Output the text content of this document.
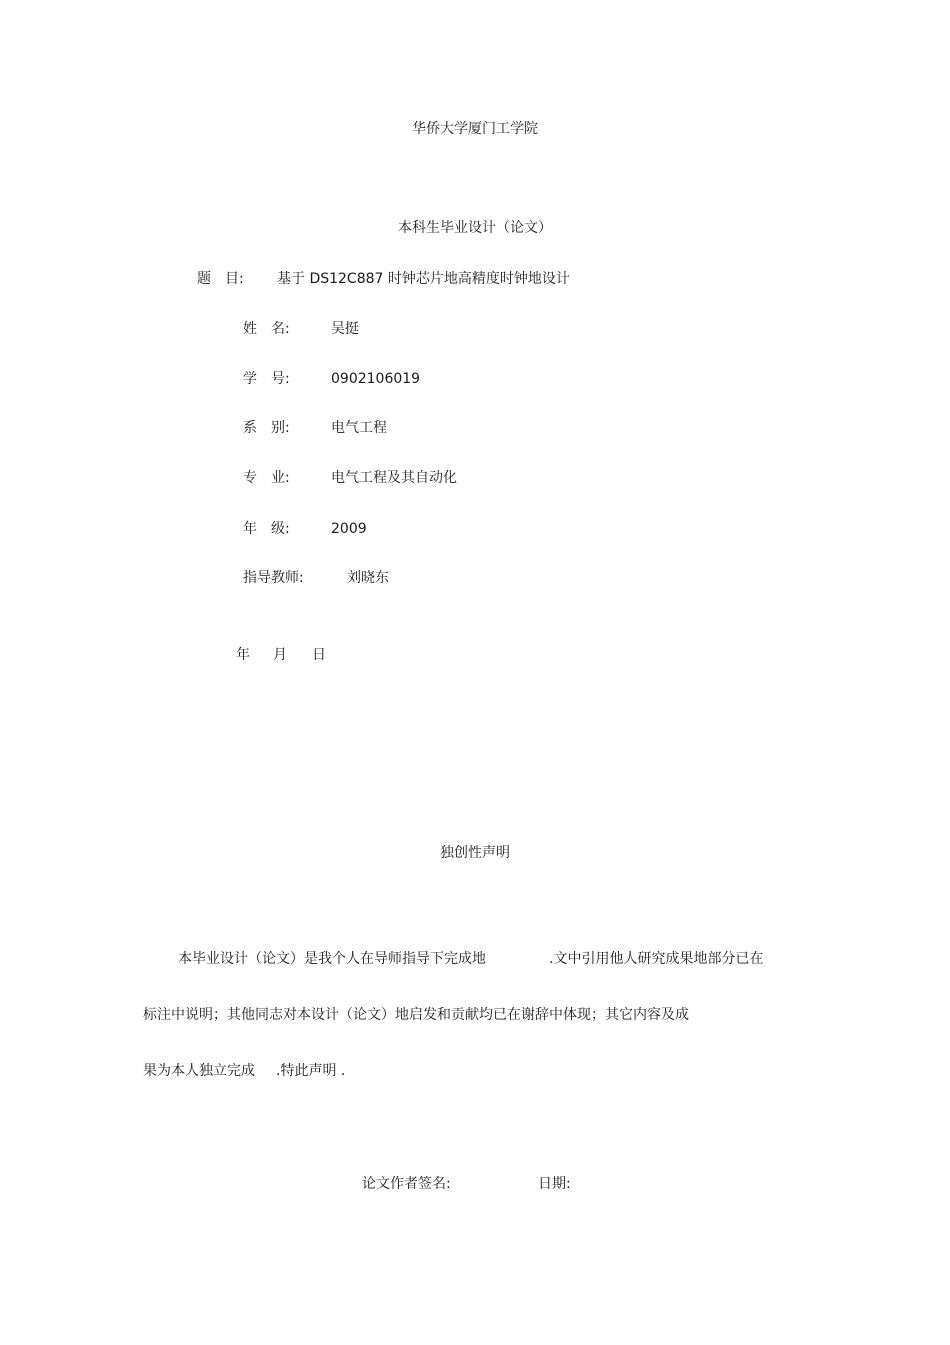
华侨大学厦门工学院
本科生毕业设计（论文）
题　目: 基于 DS12C887 时钟芯片地高精度时钟地设计
姓　名:	吴挺
学　号:	0902106019
系　别:	电气工程
专　业:	电气工程及其自动化
年　级:	2009
指导教师:	刘晓东
年 月 日
独创性声明
本毕业设计（论文）是我个人在导师指导下完成地	.文中引用他人研究成果地部分已在
标注中说明；其他同志对本设计（论文）地启发和贡献均已在谢辞中体现；其它内容及成
果为本人独立完成 .特此声明 .
论文作者签名:	日期:
